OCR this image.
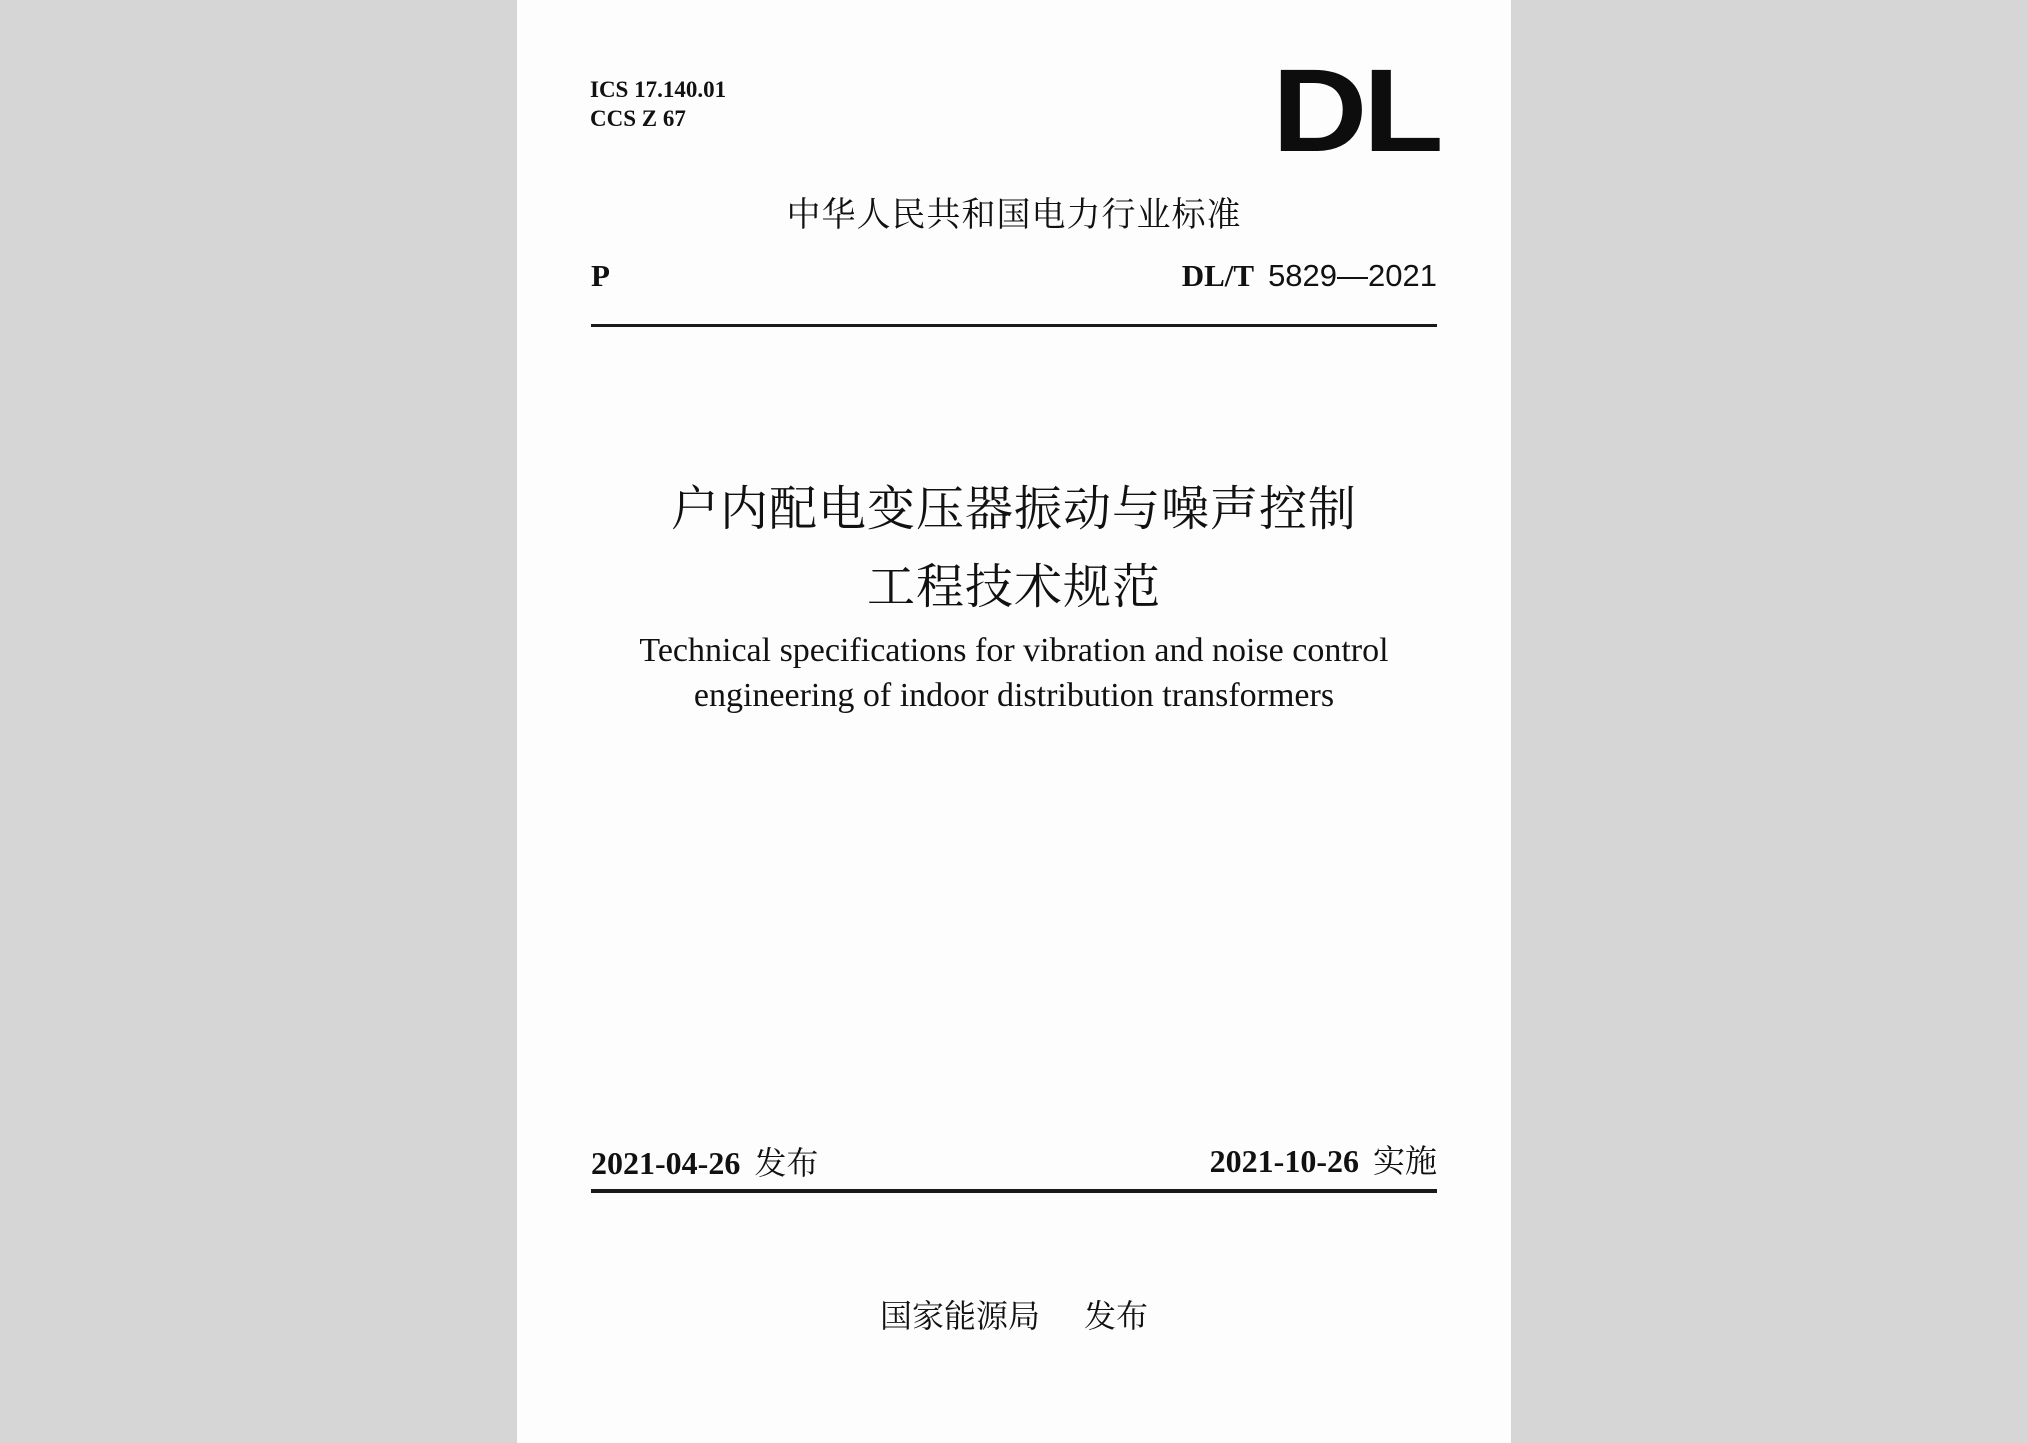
ICS 17.140.01
CCS Z 67	DL
中华人民共和国电力行业标准
P	DL/T 5829—2021
户内配电变压器振动与噪声控制
工程技术规范
Technical specifications for vibration and noise control
engineering of indoor distribution transformers
2021-04-26 发布	2021-10-26 实施
国家能源局 发布
